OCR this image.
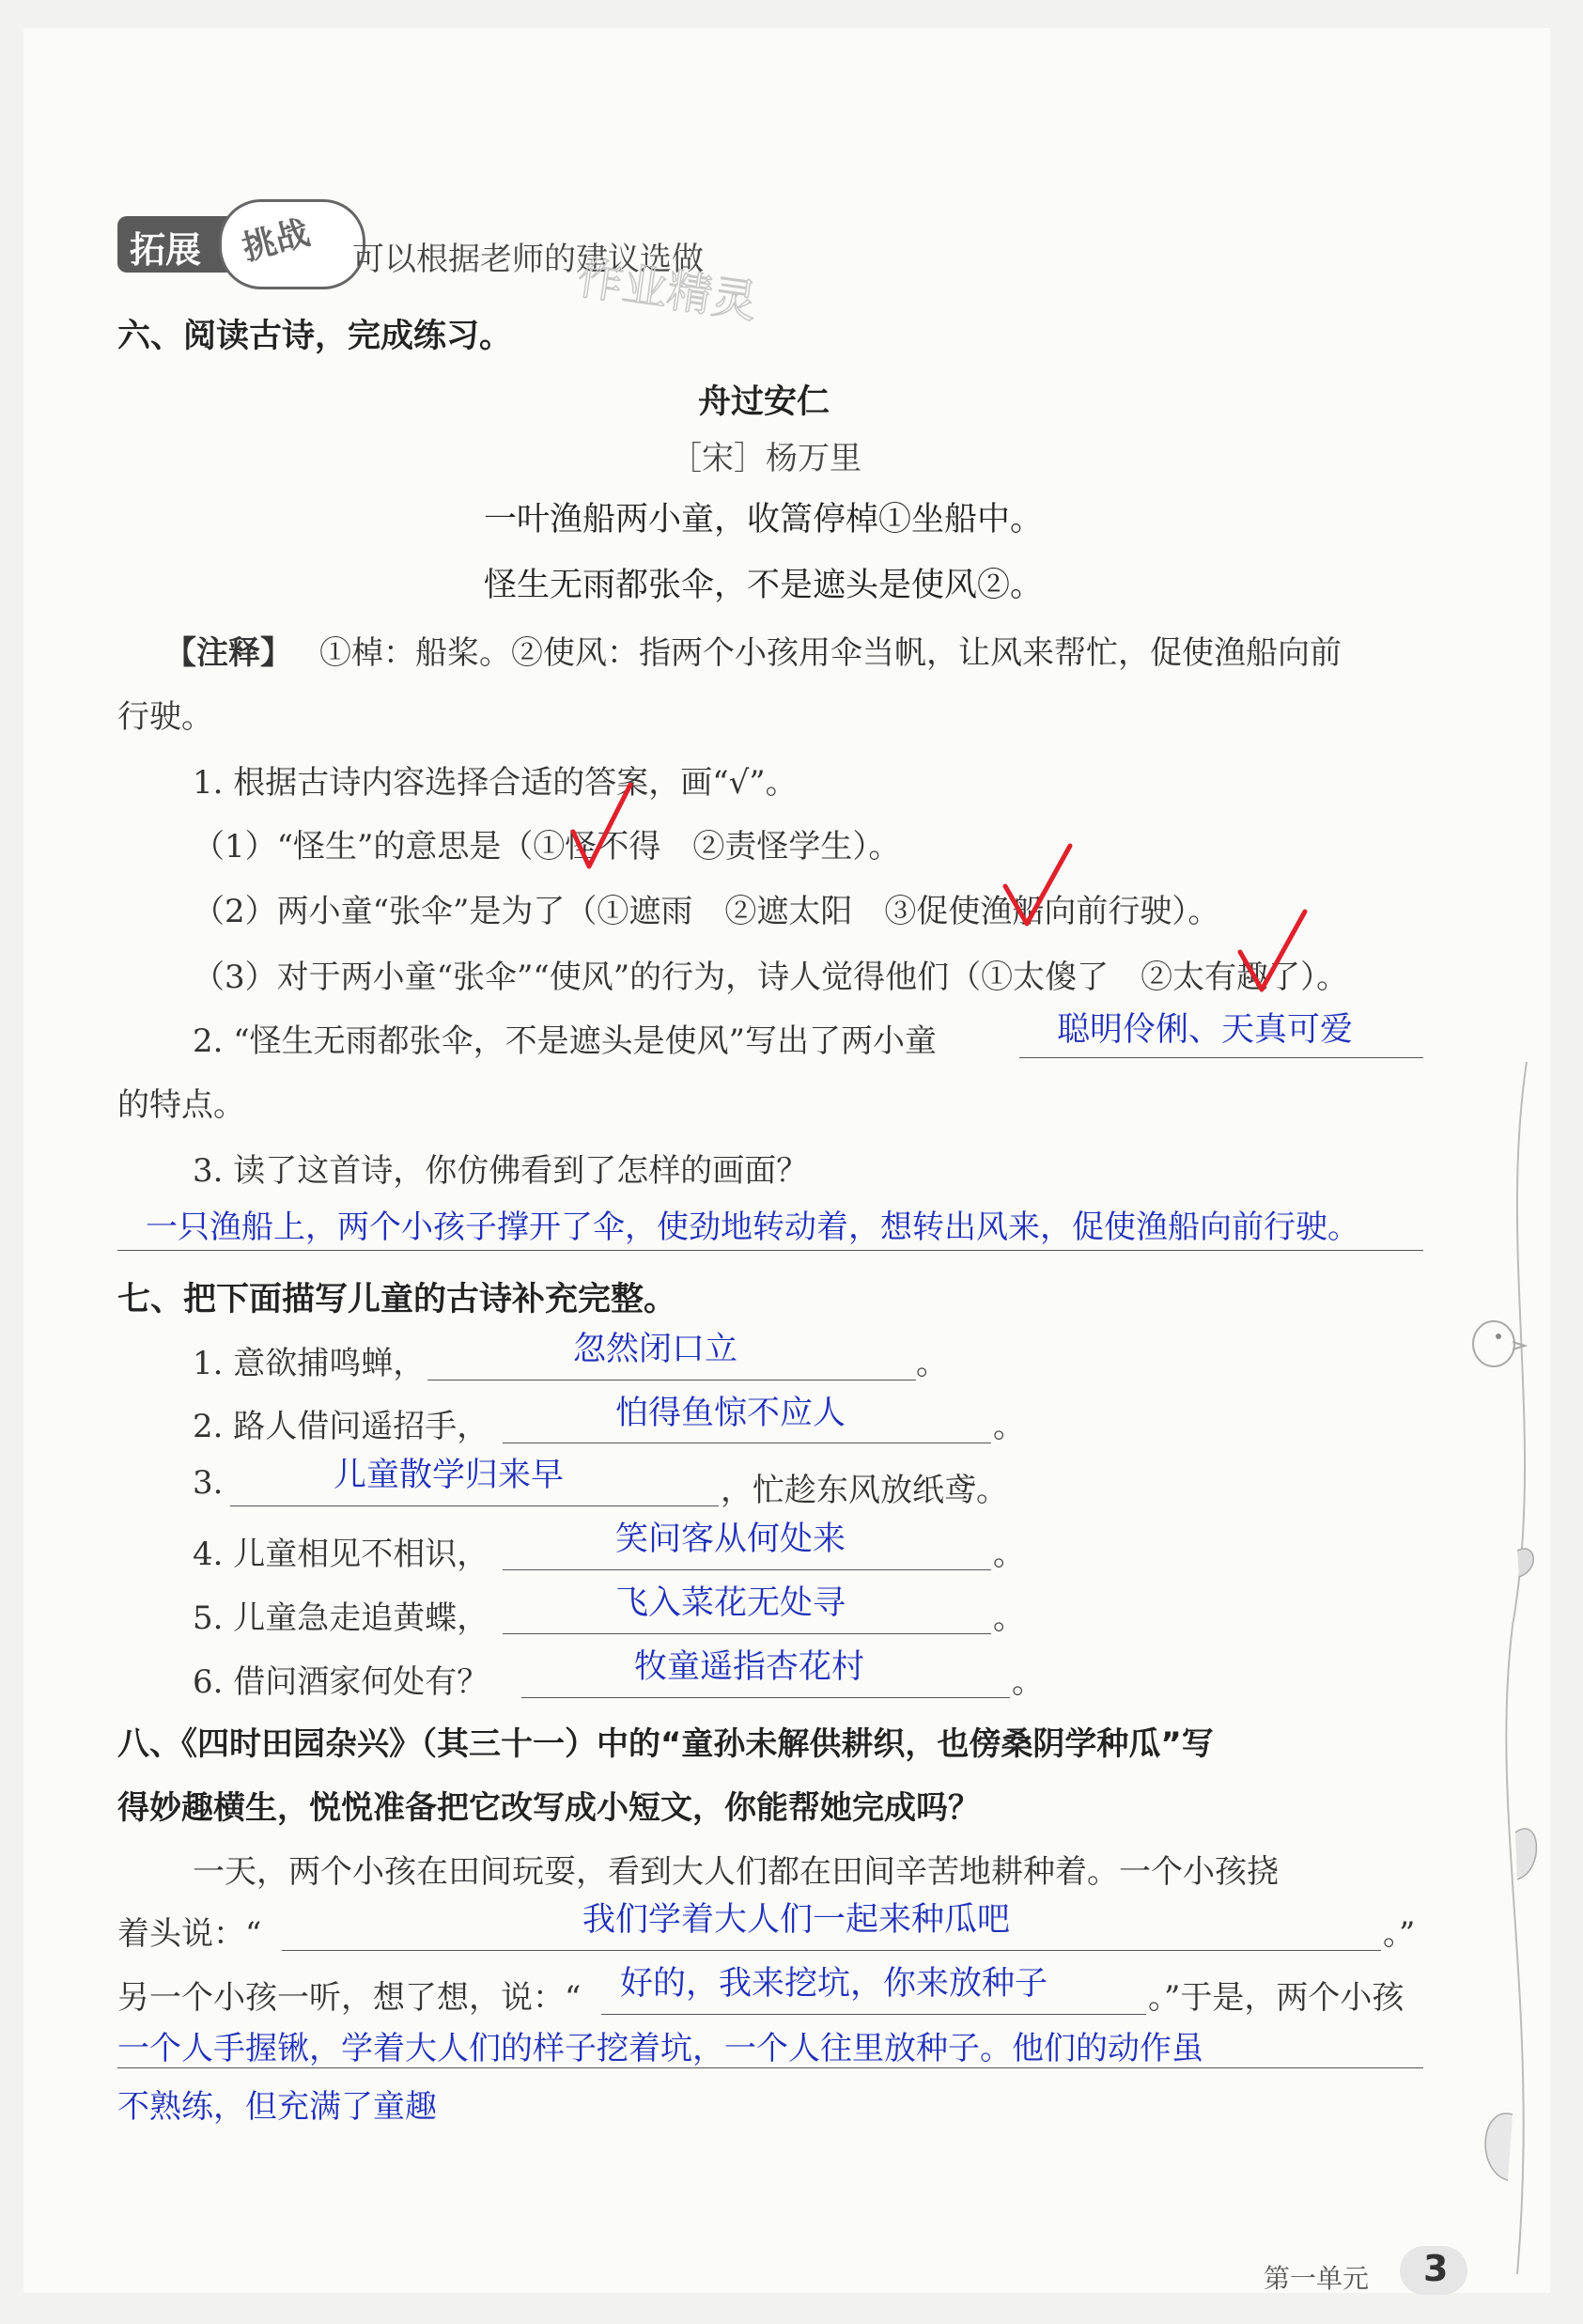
拓展 挑战 可以根据老师的建议选做
作业精灵
六、阅读古诗，完成练习。
舟过安仁
［宋］杨万里
一叶渔船两小童，收篙停棹①坐船中。
怪生无雨都张伞，不是遮头是使风②。
【注释】 ①棹：船桨。②使风：指两个小孩用伞当帆，让风来帮忙，促使渔船向前
行驶。
1. 根据古诗内容选择合适的答案，画“√”。
（1）“怪生”的意思是（①怪不得　②责怪学生）。
（2）两小童“张伞”是为了（①遮雨　②遮太阳　③促使渔船向前行驶）。
（3）对于两小童“张伞”“使风”的行为，诗人觉得他们（①太傻了　②太有趣了）。
2. “怪生无雨都张伞，不是遮头是使风”写出了两小童	聪明伶俐、天真可爱
的特点。
3. 读了这首诗，你仿佛看到了怎样的画面？
一只渔船上，两个小孩子撑开了伞，使劲地转动着，想转出风来，促使渔船向前行驶。
七、把下面描写儿童的古诗补充完整。
1. 意欲捕鸣蝉，	忽然闭口立	。
2. 路人借问遥招手，	怕得鱼惊不应人	。
3.	儿童散学归来早	，忙趁东风放纸鸢。
4. 儿童相见不相识，	笑问客从何处来	。
5. 儿童急走追黄蝶，	飞入菜花无处寻	。
6. 借问酒家何处有？	牧童遥指杏花村	。
八、《四时田园杂兴》（其三十一）中的“童孙未解供耕织，也傍桑阴学种瓜”写
得妙趣横生，悦悦准备把它改写成小短文，你能帮她完成吗？
一天，两个小孩在田间玩耍，看到大人们都在田间辛苦地耕种着。一个小孩挠
着头说：“	我们学着大人们一起来种瓜吧	。”
另一个小孩一听，想了想，说：“ 好的，我来挖坑，你来放种子	。”于是，两个小孩
一个人手握锹，学着大人们的样子挖着坑，一个人往里放种子。他们的动作虽
不熟练，但充满了童趣
第一单元 3
